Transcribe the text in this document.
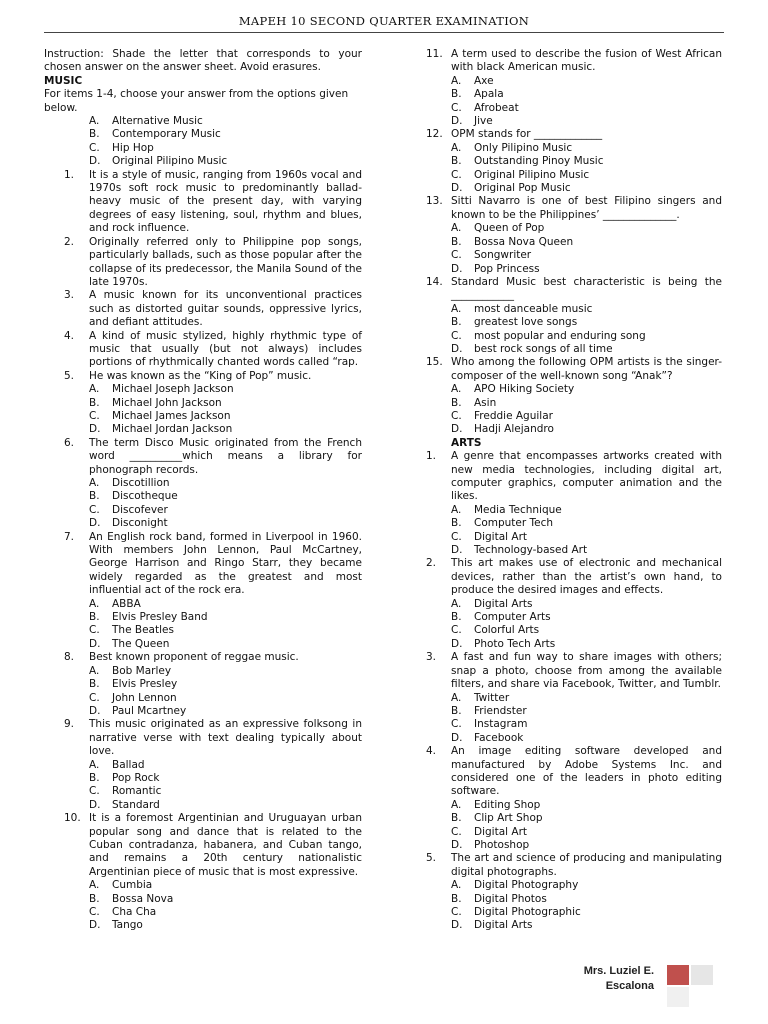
MAPEH 10 SECOND QUARTER EXAMINATION
Instruction: Shade the letter that corresponds to your chosen answer on the answer sheet. Avoid erasures.
MUSIC
For items 1-4, choose your answer from the options given below.
A.	Alternative Music
B.	Contemporary Music
C.	Hip Hop
D.	Original Pilipino Music
1.	It is a style of music, ranging from 1960s vocal and 1970s soft rock music to predominantly ballad-heavy music of the present day, with varying degrees of easy listening, soul, rhythm and blues, and rock influence.
2.	Originally referred only to Philippine pop songs, particularly ballads, such as those popular after the collapse of its predecessor, the Manila Sound of the late 1970s.
3.	A music known for its unconventional practices such as distorted guitar sounds, oppressive lyrics, and defiant attitudes.
4.	A kind of music stylized, highly rhythmic type of music that usually (but not always) includes portions of rhythmically chanted words called “rap.
5.	He was known as the “King of Pop” music.
A.	Michael Joseph Jackson
B.	Michael John Jackson
C.	Michael James Jackson
D.	Michael Jordan Jackson
6.	The term Disco Music originated from the French word __________which means a library for phonograph records.
A.	Discotillion
B.	Discotheque
C.	Discofever
D.	Disconight
7.	An English rock band, formed in Liverpool in 1960. With members John Lennon, Paul McCartney, George Harrison and Ringo Starr, they became widely regarded as the greatest and most influential act of the rock era.
A.	ABBA
B.	Elvis Presley Band
C.	The Beatles
D.	The Queen
8.	Best known proponent of reggae music.
A.	Bob Marley
B.	Elvis Presley
C.	John Lennon
D.	Paul Mcartney
9.	This music originated as an expressive folksong in narrative verse with text dealing typically about love.
A.	Ballad
B.	Pop Rock
C.	Romantic
D.	Standard
10. It is a foremost Argentinian and Uruguayan urban popular song and dance that is related to the Cuban contradanza, habanera, and Cuban tango, and remains a 20th century nationalistic Argentinian piece of music that is most expressive.
A.	Cumbia
B.	Bossa Nova
C.	Cha Cha
D.	Tango
11. A term used to describe the fusion of West African with black American music.
A.	Axe
B.	Apala
C.	Afrobeat
D.	Jive
12. OPM stands for _____________
A.	Only Pilipino Music
B.	Outstanding Pinoy Music
C.	Original Pilipino Music
D.	Original Pop Music
13. Sitti Navarro is one of best Filipino singers and known to be the Philippines’ ______________.
A.	Queen of Pop
B.	Bossa Nova Queen
C.	Songwriter
D.	Pop Princess
14. Standard Music best characteristic is being the ____________
A.	most danceable music
B.	greatest love songs
C.	most popular and enduring song
D.	best rock songs of all time
15. Who among the following OPM artists is the singer-composer of the well-known song “Anak”?
A.	APO Hiking Society
B.	Asin
C.	Freddie Aguilar
D.	Hadji Alejandro
ARTS
1.	A genre that encompasses artworks created with new media technologies, including digital art, computer graphics, computer animation and the likes.
A.	Media Technique
B.	Computer Tech
C.	Digital Art
D.	Technology-based Art
2.	This art makes use of electronic and mechanical devices, rather than the artist’s own hand, to produce the desired images and effects.
A.	Digital Arts
B.	Computer Arts
C.	Colorful Arts
D.	Photo Tech Arts
3.	A fast and fun way to share images with others; snap a photo, choose from among the available filters, and share via Facebook, Twitter, and Tumblr.
A.	Twitter
B.	Friendster
C.	Instagram
D.	Facebook
4.	An image editing software developed and manufactured by Adobe Systems Inc. and considered one of the leaders in photo editing software.
A.	Editing Shop
B.	Clip Art Shop
C.	Digital Art
D.	Photoshop
5.	The art and science of producing and manipulating digital photographs.
A.	Digital Photography
B.	Digital Photos
C.	Digital Photographic
D.	Digital Arts
Mrs. Luziel E.
Escalona
